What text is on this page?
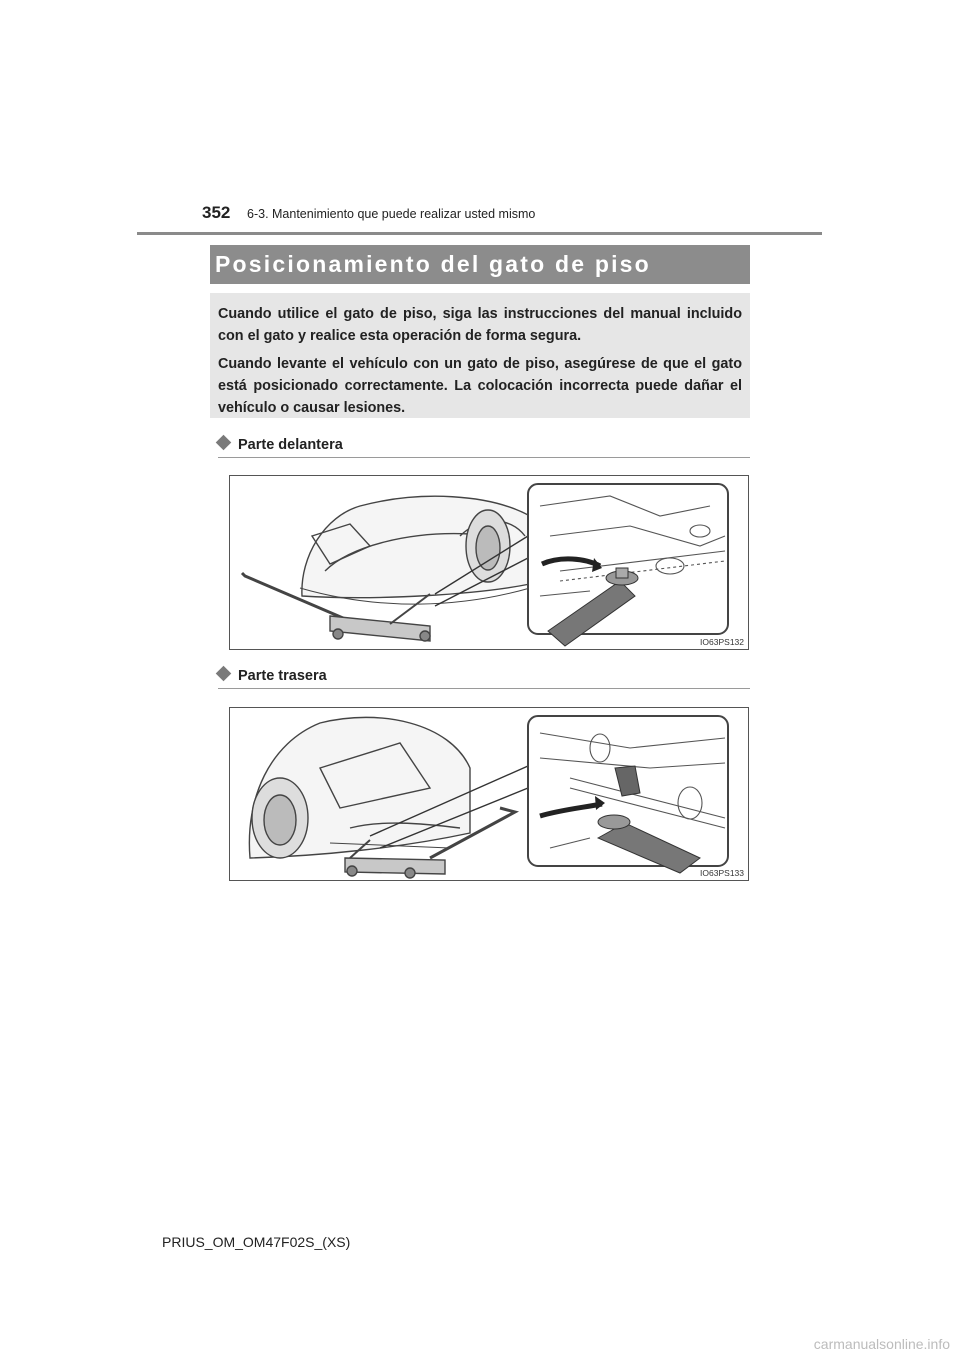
352 6-3. Mantenimiento que puede realizar usted mismo
Posicionamiento del gato de piso

Cuando utilice el gato de piso, siga las instrucciones del manual incluido con el gato y realice esta operación de forma segura.

Cuando levante el vehículo con un gato de piso, asegúrese de que el gato está posicionado correctamente. La colocación incorrecta puede dañar el vehículo o causar lesiones.

Parte delantera
IO63PS132
Parte trasera
IO63PS133
PRIUS_OM_OM47F02S_(XS)
carmanualsonline.info
